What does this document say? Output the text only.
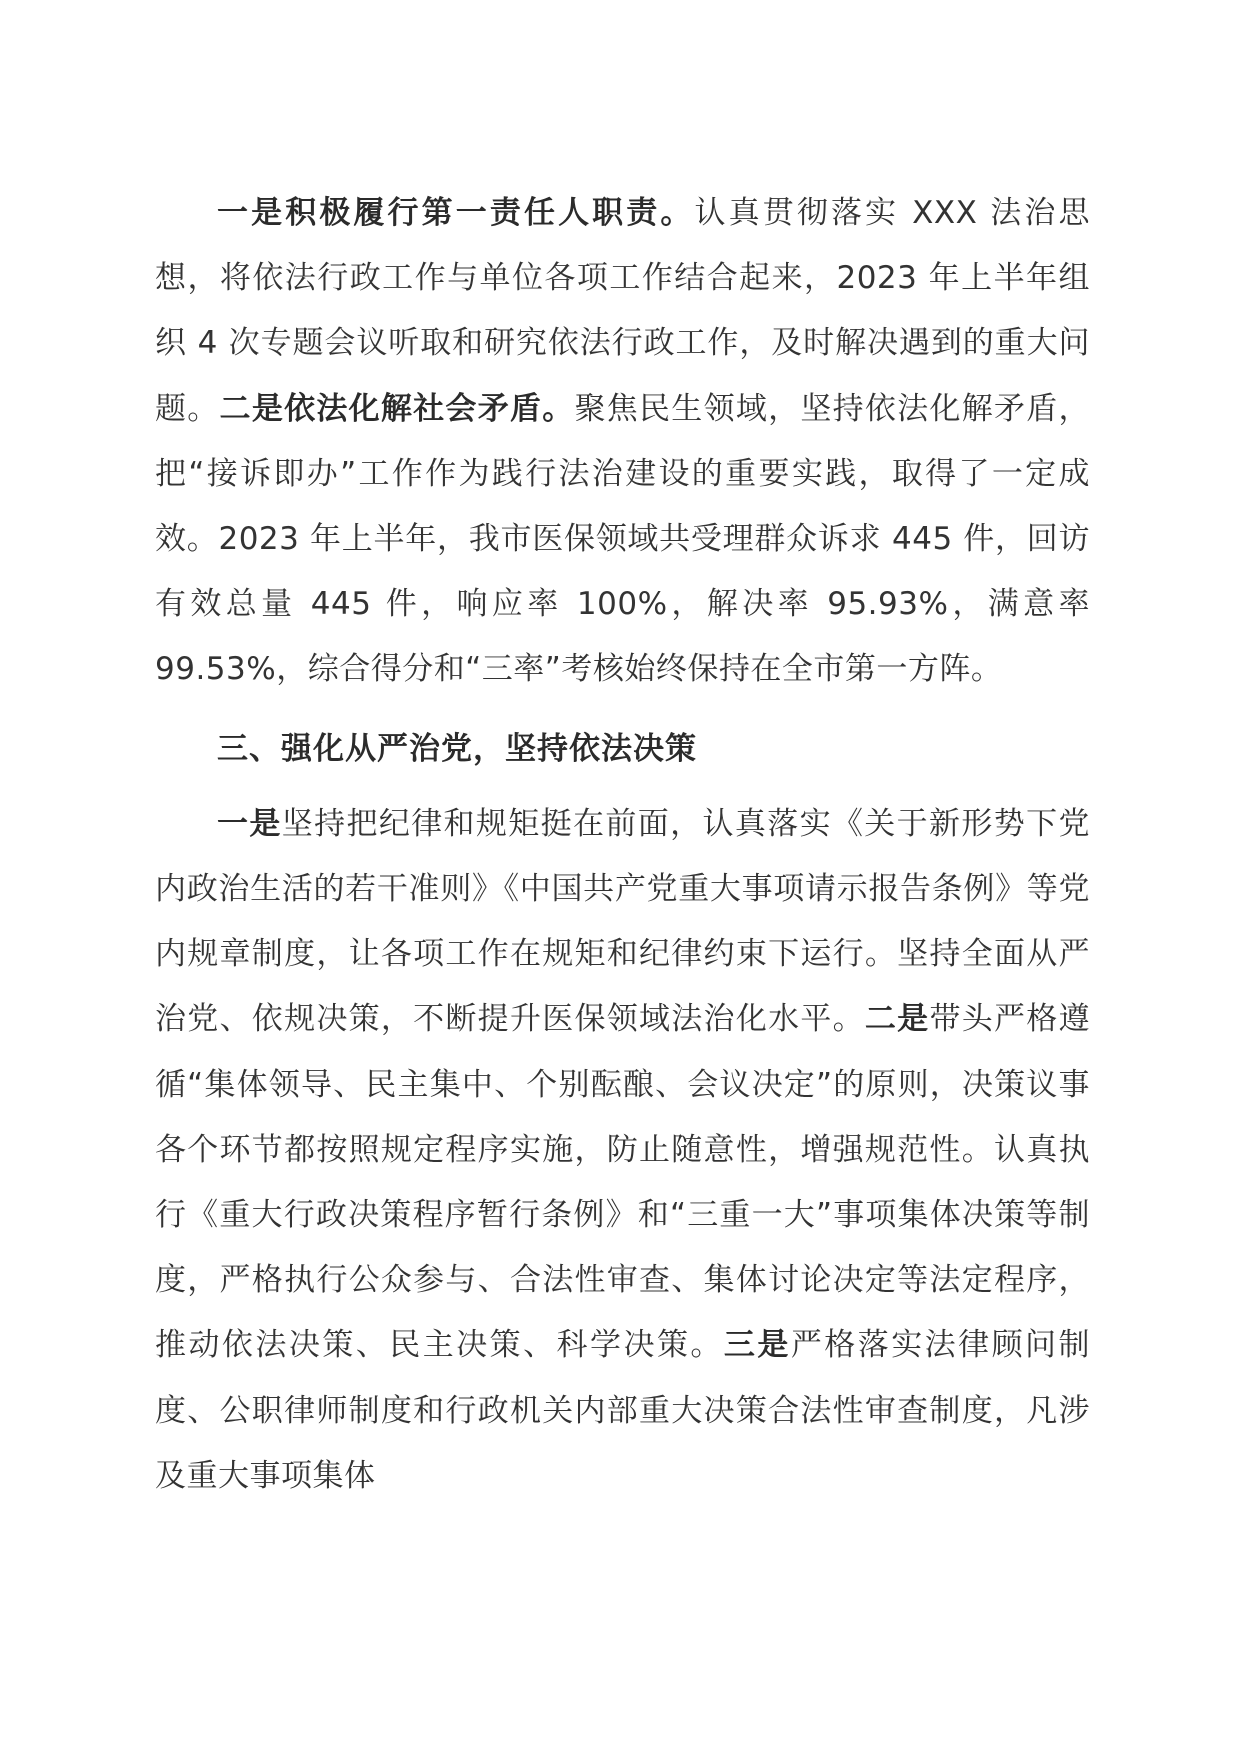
一是积极履行第一责任人职责。认真贯彻落实 XXX 法治思想，将依法行政工作与单位各项工作结合起来，2023 年上半年组织 4 次专题会议听取和研究依法行政工作，及时解决遇到的重大问题。二是依法化解社会矛盾。聚焦民生领域，坚持依法化解矛盾，把“接诉即办”工作作为践行法治建设的重要实践，取得了一定成效。2023 年上半年，我市医保领域共受理群众诉求 445 件，回访有效总量 445 件，响应率 100%，解决率 95.93%，满意率 99.53%，综合得分和“三率”考核始终保持在全市第一方阵。

三、强化从严治党，坚持依法决策

一是坚持把纪律和规矩挺在前面，认真落实《关于新形势下党内政治生活的若干准则》《中国共产党重大事项请示报告条例》等党内规章制度，让各项工作在规矩和纪律约束下运行。坚持全面从严治党、依规决策，不断提升医保领域法治化水平。二是带头严格遵循“集体领导、民主集中、个别酝酿、会议决定”的原则，决策议事各个环节都按照规定程序实施，防止随意性，增强规范性。认真执行《重大行政决策程序暂行条例》和“三重一大”事项集体决策等制度，严格执行公众参与、合法性审查、集体讨论决定等法定程序，推动依法决策、民主决策、科学决策。三是严格落实法律顾问制度、公职律师制度和行政机关内部重大决策合法性审查制度，凡涉及重大事项集体
